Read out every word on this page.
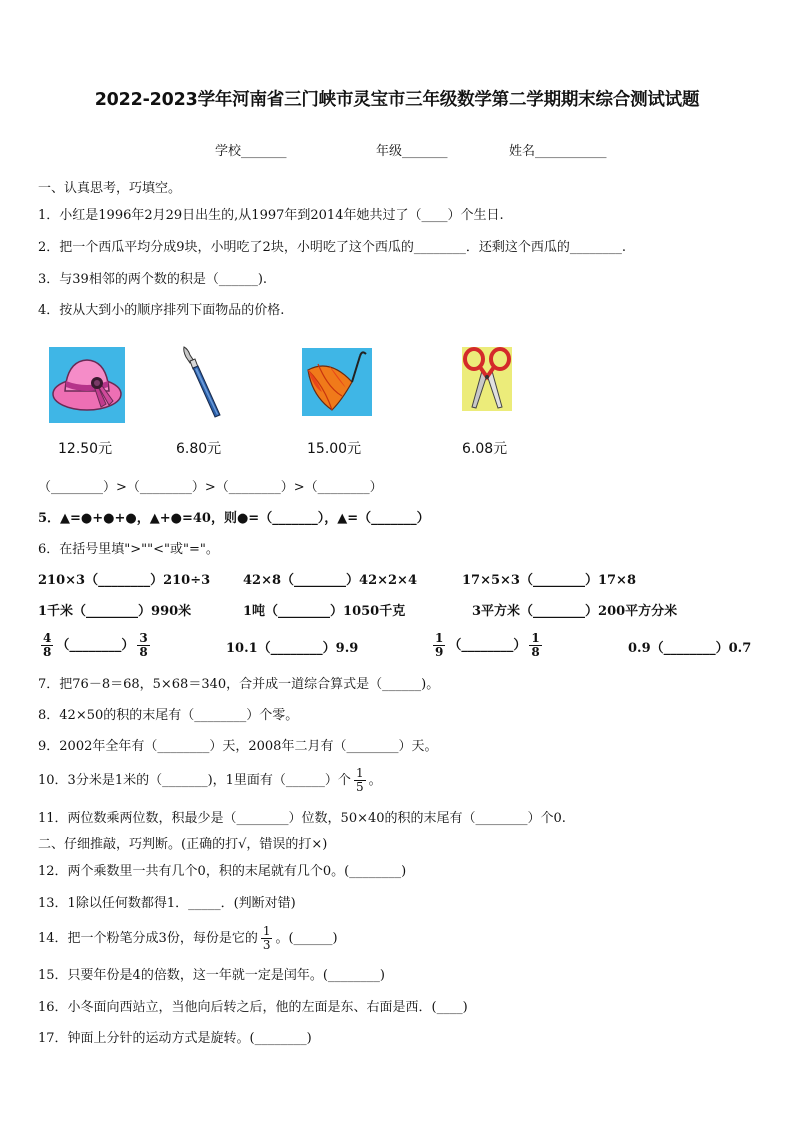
2022-2023学年河南省三门峡市灵宝市三年级数学第二学期期末综合测试试题
学校_______	年级_______	姓名___________
一、认真思考，巧填空。
1．小红是1996年2月29日出生的,从1997年到2014年她共过了（____）个生日.
2．把一个西瓜平均分成9块，小明吃了2块，小明吃了这个西瓜的________．还剩这个西瓜的________.
3．与39相邻的两个数的积是（______).
4．按从大到小的顺序排列下面物品的价格.
12.50元	6.80元	15.00元	6.08元
（________）>（________）>（________）>（________）
5．▲=●+●+●，▲+●=40，则●=（_______），▲=（_______）
6．在括号里填">""<"或"="。
210×3（________）210÷3	42×8（________）42×2×4	17×5×3（________）17×8
1千米（________）990米	1吨（________）1050千克	3平方米（________）200平方分米
$\frac{4}{8}$ （________） $\frac{3}{8}$	10.1（________）9.9	$\frac{1}{9}$ （________） $\frac{1}{8}$	0.9（________）0.7
7．把76－8＝68，5×68＝340，合并成一道综合算式是（______)。
8．42×50的积的末尾有（________）个零。
9．2002年全年有（________）天，2008年二月有（________）天。
10．3分米是1米的（_______)，1里面有（______）个 $\frac{1}{5}$ 。
11．两位数乘两位数，积最少是（________）位数，50×40的积的末尾有（________）个0.
二、仔细推敲，巧判断。(正确的打√，错误的打×)
12．两个乘数里一共有几个0，积的末尾就有几个0。(________)
13．1除以任何数都得1．_____．(判断对错)
14．把一个粉笔分成3份，每份是它的 $\frac{1}{3}$ 。(______)
15．只要年份是4的倍数，这一年就一定是闰年。(________)
16．小冬面向西站立，当他向后转之后，他的左面是东、右面是西．(____)
17．钟面上分针的运动方式是旋转。(________)
